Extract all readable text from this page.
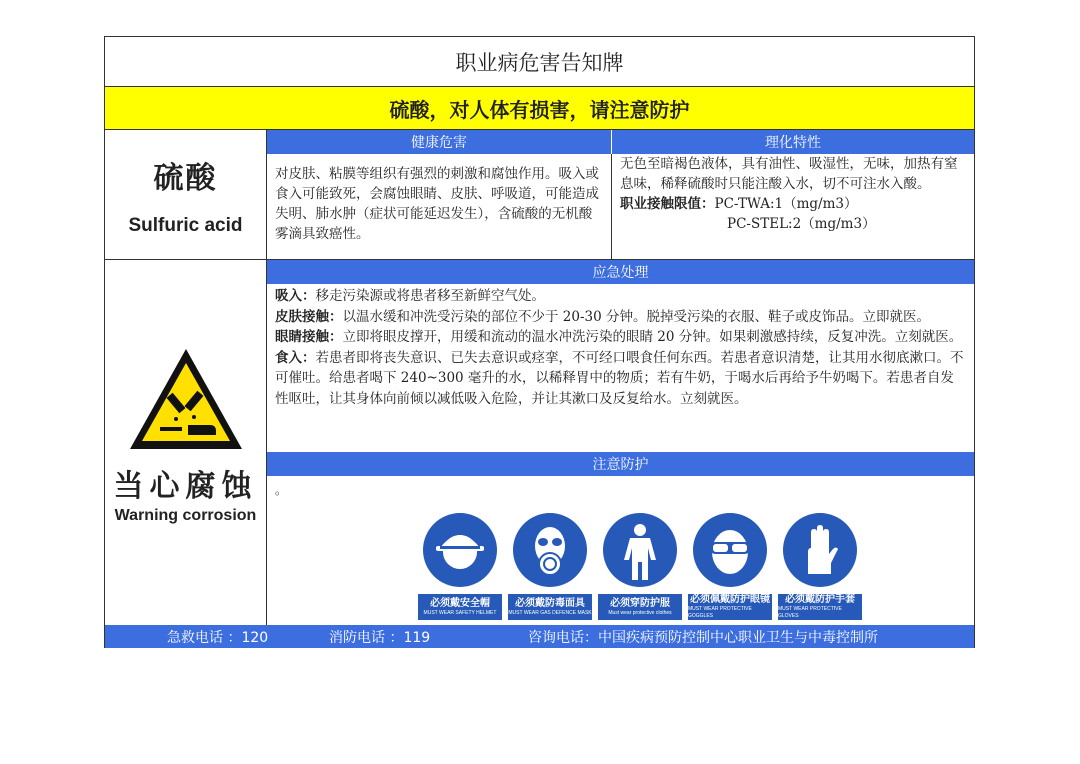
职业病危害告知牌
硫酸，对人体有损害，请注意防护
硫酸
Sulfuric acid
当心腐蚀
Warning corrosion
健康危害	理化特性
对皮肤、粘膜等组织有强烈的刺激和腐蚀作用。吸入或食入可能致死，会腐蚀眼睛、皮肤、呼吸道，可能造成失明、肺水肿（症状可能延迟发生），含硫酸的无机酸雾滴具致癌性。
无色至暗褐色液体，具有油性、吸湿性，无味，加热有窒息味，稀释硫酸时只能注酸入水，切不可注水入酸。
职业接触限值：PC-TWA:1（mg/m3）
PC-STEL:2（mg/m3）
应急处理
吸入：移走污染源或将患者移至新鲜空气处。
皮肤接触：以温水缓和冲洗受污染的部位不少于 20-30 分钟。脱掉受污染的衣服、鞋子或皮饰品。立即就医。
眼睛接触：立即将眼皮撑开，用缓和流动的温水冲洗污染的眼睛 20 分钟。如果刺激感持续，反复冲洗。立刻就医。
食入：若患者即将丧失意识、已失去意识或痉挛，不可经口喂食任何东西。若患者意识清楚，让其用水彻底漱口。不可催吐。给患者喝下 240~300 毫升的水，以稀释胃中的物质；若有牛奶，于喝水后再给予牛奶喝下。若患者自发性呕吐，让其身体向前倾以减低吸入危险，并让其漱口及反复给水。立刻就医。
注意防护
。
必须戴安全帽
MUST WEAR SAFETY HELMET
必须戴防毒面具
MUST WEAR GAS DEFENCE MASK
必须穿防护服
Must wear protective clothes
必须佩戴防护眼镜
MUST WEAR PROTECTIVE GOGGLES
必须戴防护手套
MUST WEAR PROTECTIVE GLOVES
急救电话 ：120	消防电话 ：119	咨询电话：中国疾病预防控制中心职业卫生与中毒控制所
